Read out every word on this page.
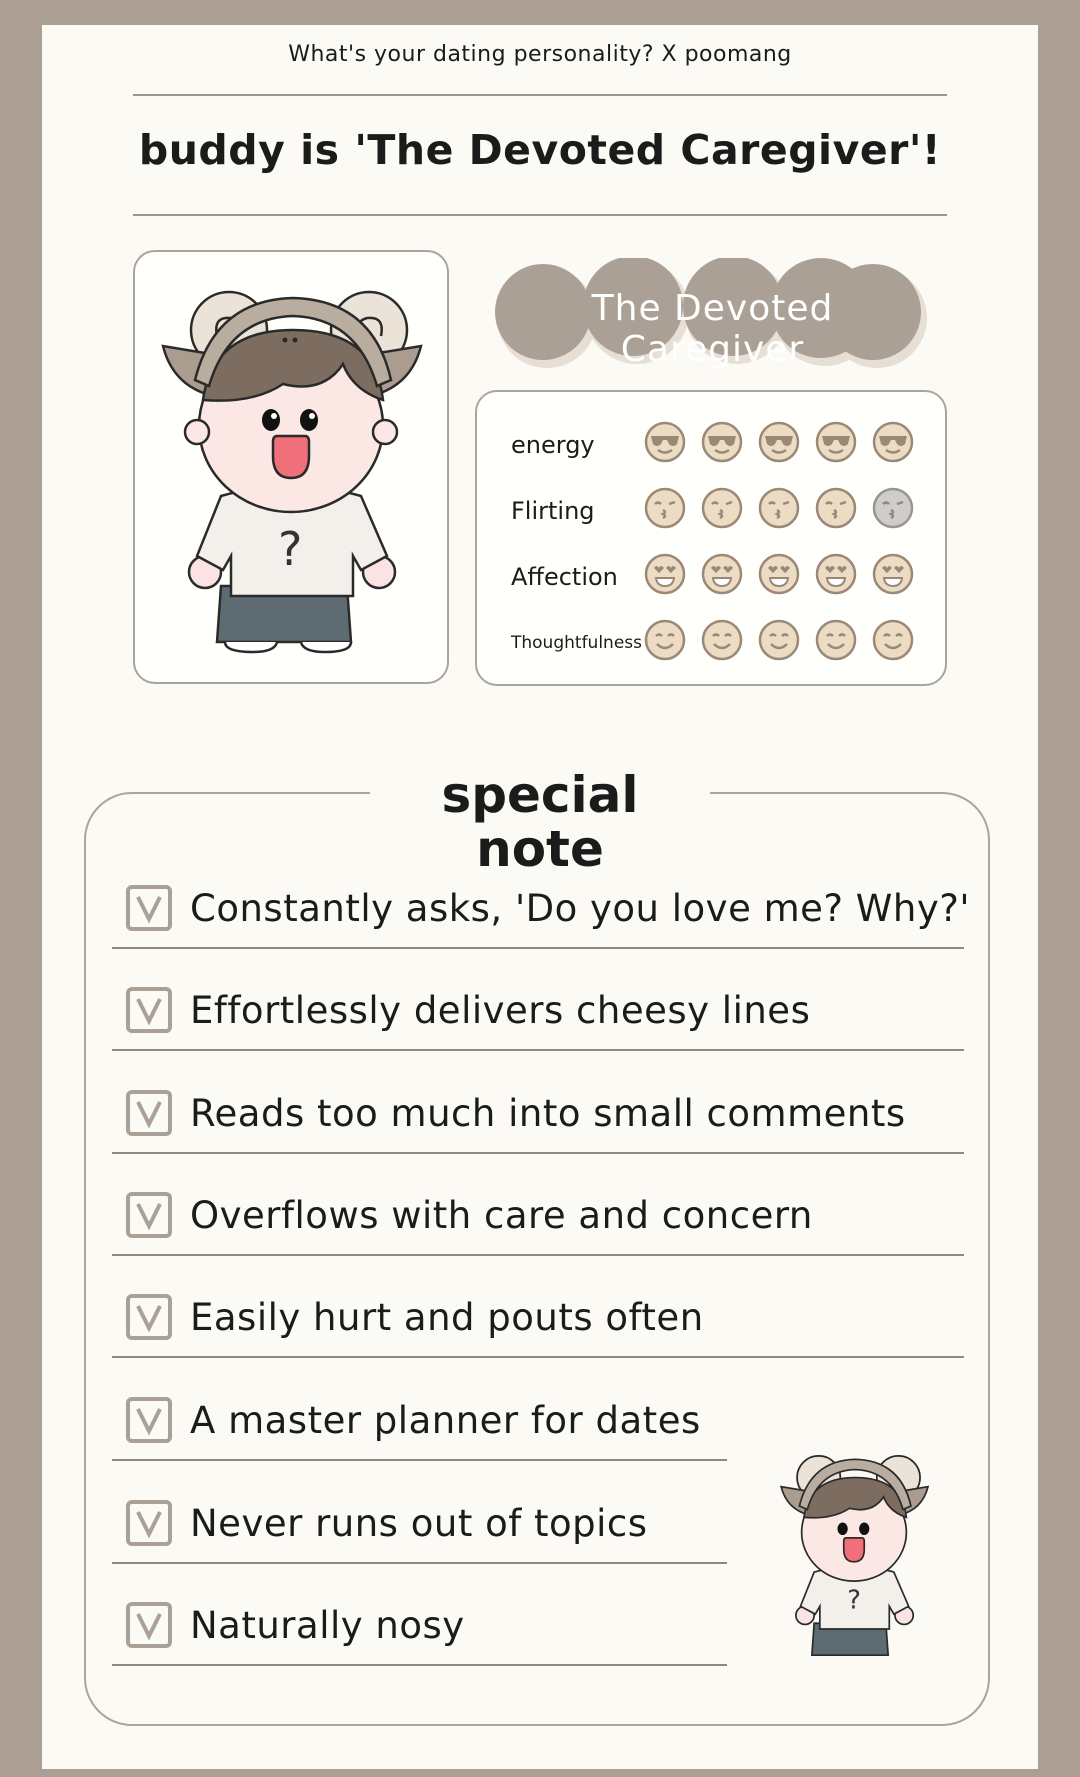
What's your dating personality? X poomang
buddy is 'The Devoted Caregiver'!
?
The Devoted Caregiver
energy
Flirting
Affection
Thoughtfulness
special note
Constantly asks, 'Do you love me? Why?'
Effortlessly delivers cheesy lines
Reads too much into small comments
Overflows with care and concern
Easily hurt and pouts often
A master planner for dates
Never runs out of topics
Naturally nosy
?
